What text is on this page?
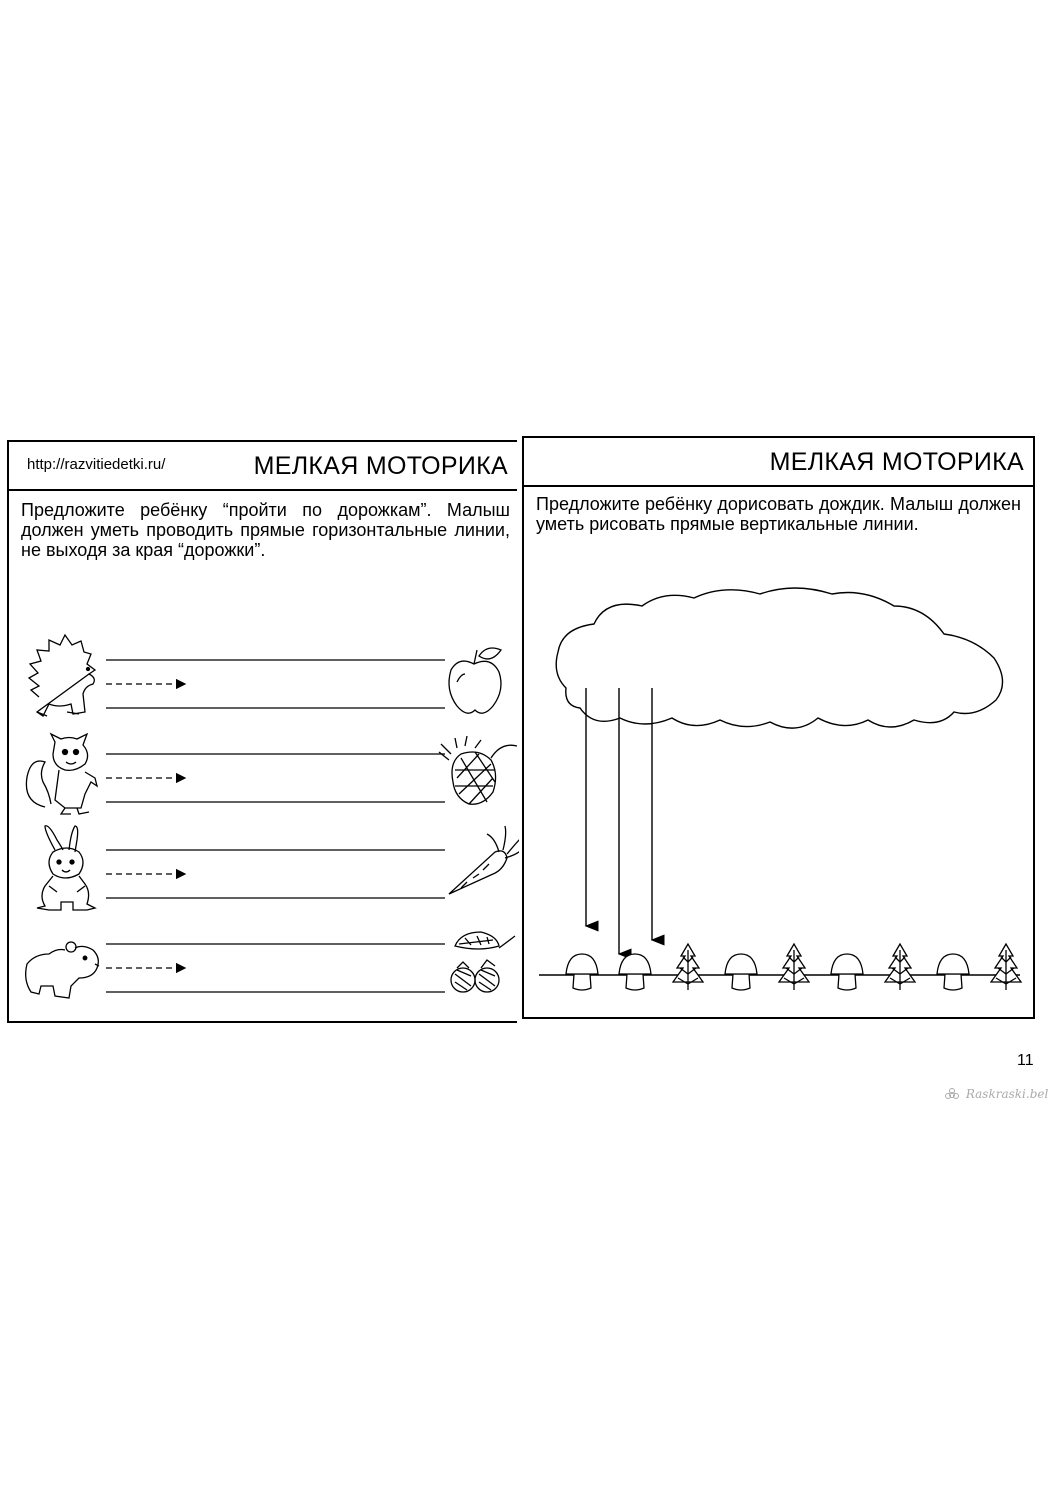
http://razvitiedetki.ru/	МЕЛКАЯ МОТОРИКА
Предложите ребёнку “пройти по дорожкам”. Малыш должен уметь проводить прямые горизонтальные линии, не выходя за края “дорожки”.
МЕЛКАЯ МОТОРИКА
Предложите ребёнку дорисовать дождик. Малыш должен уметь рисовать прямые вертикальные линии.
11
Raskraski.bel
